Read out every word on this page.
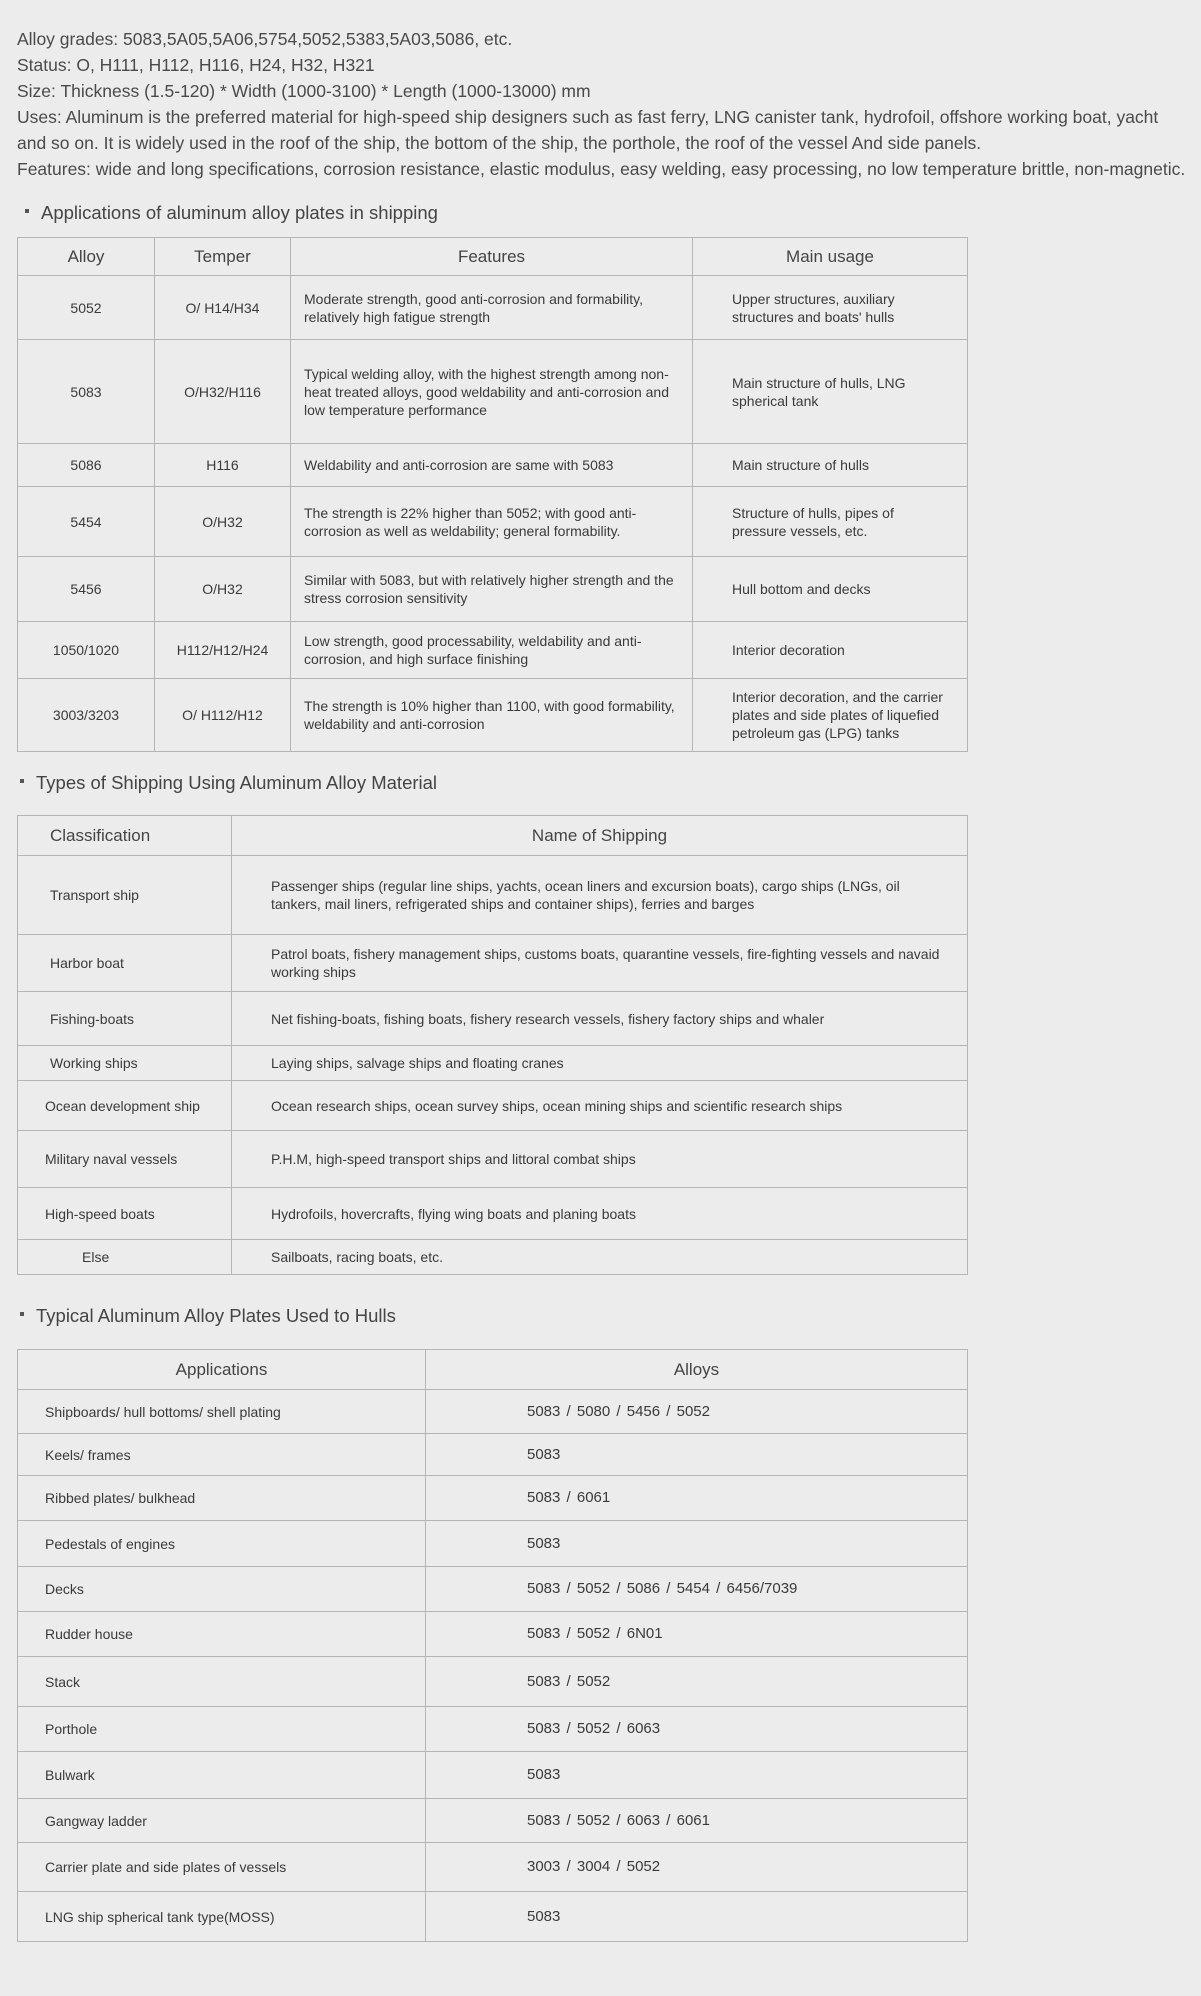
Alloy grades: 5083,5A05,5A06,5754,5052,5383,5A03,5086, etc.

Status: O, H111, H112, H116, H24, H32, H321

Size: Thickness (1.5-120) * Width (1000-3100) * Length (1000-13000) mm

Uses: Aluminum is the preferred material for high-speed ship designers such as fast ferry, LNG canister tank, hydrofoil, offshore working boat, yacht and so on. It is widely used in the roof of the ship, the bottom of the ship, the porthole, the roof of the vessel And side panels.

Features: wide and long specifications, corrosion resistance, elastic modulus, easy welding, easy processing, no low temperature brittle, non-magnetic.

Applications of aluminum alloy plates in shipping
Alloy	Temper	Features	Main usage
5052	O/ H14/H34	Moderate strength, good anti-corrosion and formability, relatively high fatigue strength	Upper structures, auxiliary structures and boats' hulls
5083	O/H32/H116	Typical welding alloy, with the highest strength among non-heat treated alloys, good weldability and anti-corrosion and low temperature performance	Main structure of hulls, LNG spherical tank
5086	H116	Weldability and anti-corrosion are same with 5083	Main structure of hulls
5454	O/H32	The strength is 22% higher than 5052; with good anti-corrosion as well as weldability; general formability.	Structure of hulls, pipes of pressure vessels, etc.
5456	O/H32	Similar with 5083, but with relatively higher strength and the stress corrosion sensitivity	Hull bottom and decks
1050/1020	H112/H12/H24	Low strength, good processability, weldability and anti-corrosion, and high surface finishing	Interior decoration
3003/3203	O/ H112/H12	The strength is 10% higher than 1100, with good formability, weldability and anti-corrosion	Interior decoration, and the carrier plates and side plates of liquefied petroleum gas (LPG) tanks
Types of Shipping Using Aluminum Alloy Material
Classification	Name of Shipping
Transport ship	Passenger ships (regular line ships, yachts, ocean liners and excursion boats), cargo ships (LNGs, oil tankers, mail liners, refrigerated ships and container ships), ferries and barges
Harbor boat	Patrol boats, fishery management ships, customs boats, quarantine vessels, fire-fighting vessels and navaid working ships
Fishing-boats	Net fishing-boats, fishing boats, fishery research vessels, fishery factory ships and whaler
Working ships	Laying ships, salvage ships and floating cranes
Ocean development ship	Ocean research ships, ocean survey ships, ocean mining ships and scientific research ships
Military naval vessels	P.H.M, high-speed transport ships and littoral combat ships
High-speed boats	Hydrofoils, hovercrafts, flying wing boats and planing boats
Else	Sailboats, racing boats, etc.
Typical Aluminum Alloy Plates Used to Hulls
Applications	Alloys
Shipboards/ hull bottoms/ shell plating	5083 / 5080 / 5456 / 5052
Keels/ frames	5083
Ribbed plates/ bulkhead	5083 / 6061
Pedestals of engines	5083
Decks	5083 / 5052 / 5086 / 5454 / 6456/7039
Rudder house	5083 / 5052 / 6N01
Stack	5083 / 5052
Porthole	5083 / 5052 / 6063
Bulwark	5083
Gangway ladder	5083 / 5052 / 6063 / 6061
Carrier plate and side plates of vessels	3003 / 3004 / 5052
LNG ship spherical tank type(MOSS)	5083
